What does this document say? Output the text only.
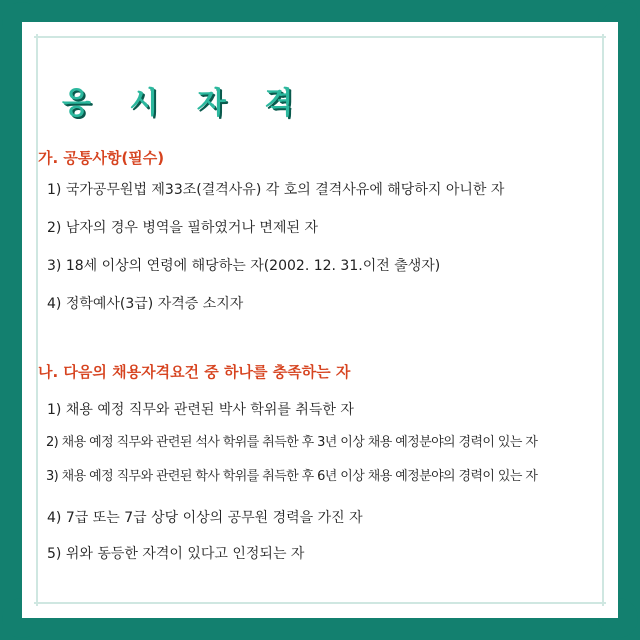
응 시 자 격

가. 공통사항(필수)

1) 국가공무원법 제33조(결격사유) 각 호의 결격사유에 해당하지 아니한 자

2) 남자의 경우 병역을 필하였거나 면제된 자

3) 18세 이상의 연령에 해당하는 자(2002. 12. 31.이전 출생자)

4) 정학예사(3급) 자격증 소지자

나. 다음의 채용자격요건 중 하나를 충족하는 자

1) 채용 예정 직무와 관련된 박사 학위를 취득한 자

2) 채용 예정 직무와 관련된 석사 학위를 취득한 후 3년 이상 채용 예정분야의 경력이 있는 자

3) 채용 예정 직무와 관련된 학사 학위를 취득한 후 6년 이상 채용 예정분야의 경력이 있는 자

4) 7급 또는 7급 상당 이상의 공무원 경력을 가진 자

5) 위와 동등한 자격이 있다고 인정되는 자
